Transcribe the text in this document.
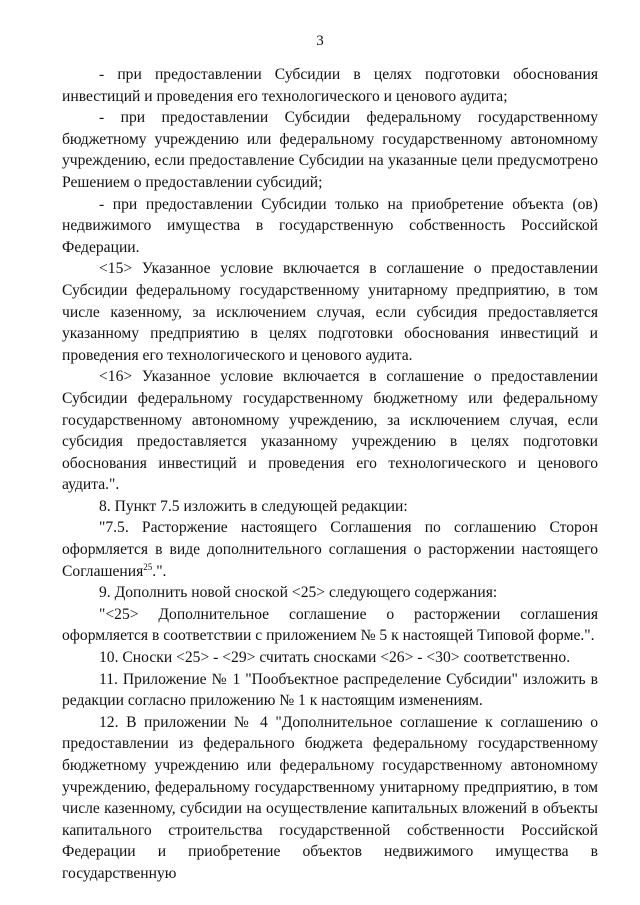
3

- при предоставлении Субсидии в целях подготовки обоснования инвестиций и проведения его технологического и ценового аудита;

- при предоставлении Субсидии федеральному государственному бюджетному учреждению или федеральному государственному автономному учреждению, если предоставление Субсидии на указанные цели предусмотрено Решением о предоставлении субсидий;

- при предоставлении Субсидии только на приобретение объекта (ов) недвижимого имущества в государственную собственность Российской Федерации.

<15> Указанное условие включается в соглашение о предоставлении Субсидии федеральному государственному унитарному предприятию, в том числе казенному, за исключением случая, если субсидия предоставляется указанному предприятию в целях подготовки обоснования инвестиций и проведения его технологического и ценового аудита.

<16> Указанное условие включается в соглашение о предоставлении Субсидии федеральному государственному бюджетному или федеральному государственному автономному учреждению, за исключением случая, если субсидия предоставляется указанному учреждению в целях подготовки обоснования инвестиций и проведения его технологического и ценового аудита.".

8. Пункт 7.5 изложить в следующей редакции:

"7.5. Расторжение настоящего Соглашения по соглашению Сторон оформляется в виде дополнительного соглашения о расторжении настоящего Соглашения$^{25}$.".

9. Дополнить новой сноской <25> следующего содержания:

"<25> Дополнительное соглашение о расторжении соглашения оформляется в соответствии с приложением № 5 к настоящей Типовой форме.".

10. Сноски <25> - <29> считать сносками <26> - <30> соответственно.

11. Приложение № 1 "Пообъектное распределение Субсидии" изложить в редакции согласно приложению № 1 к настоящим изменениям.

12. В приложении № 4 "Дополнительное соглашение к соглашению о предоставлении из федерального бюджета федеральному государственному бюджетному учреждению или федеральному государственному автономному учреждению, федеральному государственному унитарному предприятию, в том числе казенному, субсидии на осуществление капитальных вложений в объекты капитального строительства государственной собственности Российской Федерации и приобретение объектов недвижимого имущества в государственную
